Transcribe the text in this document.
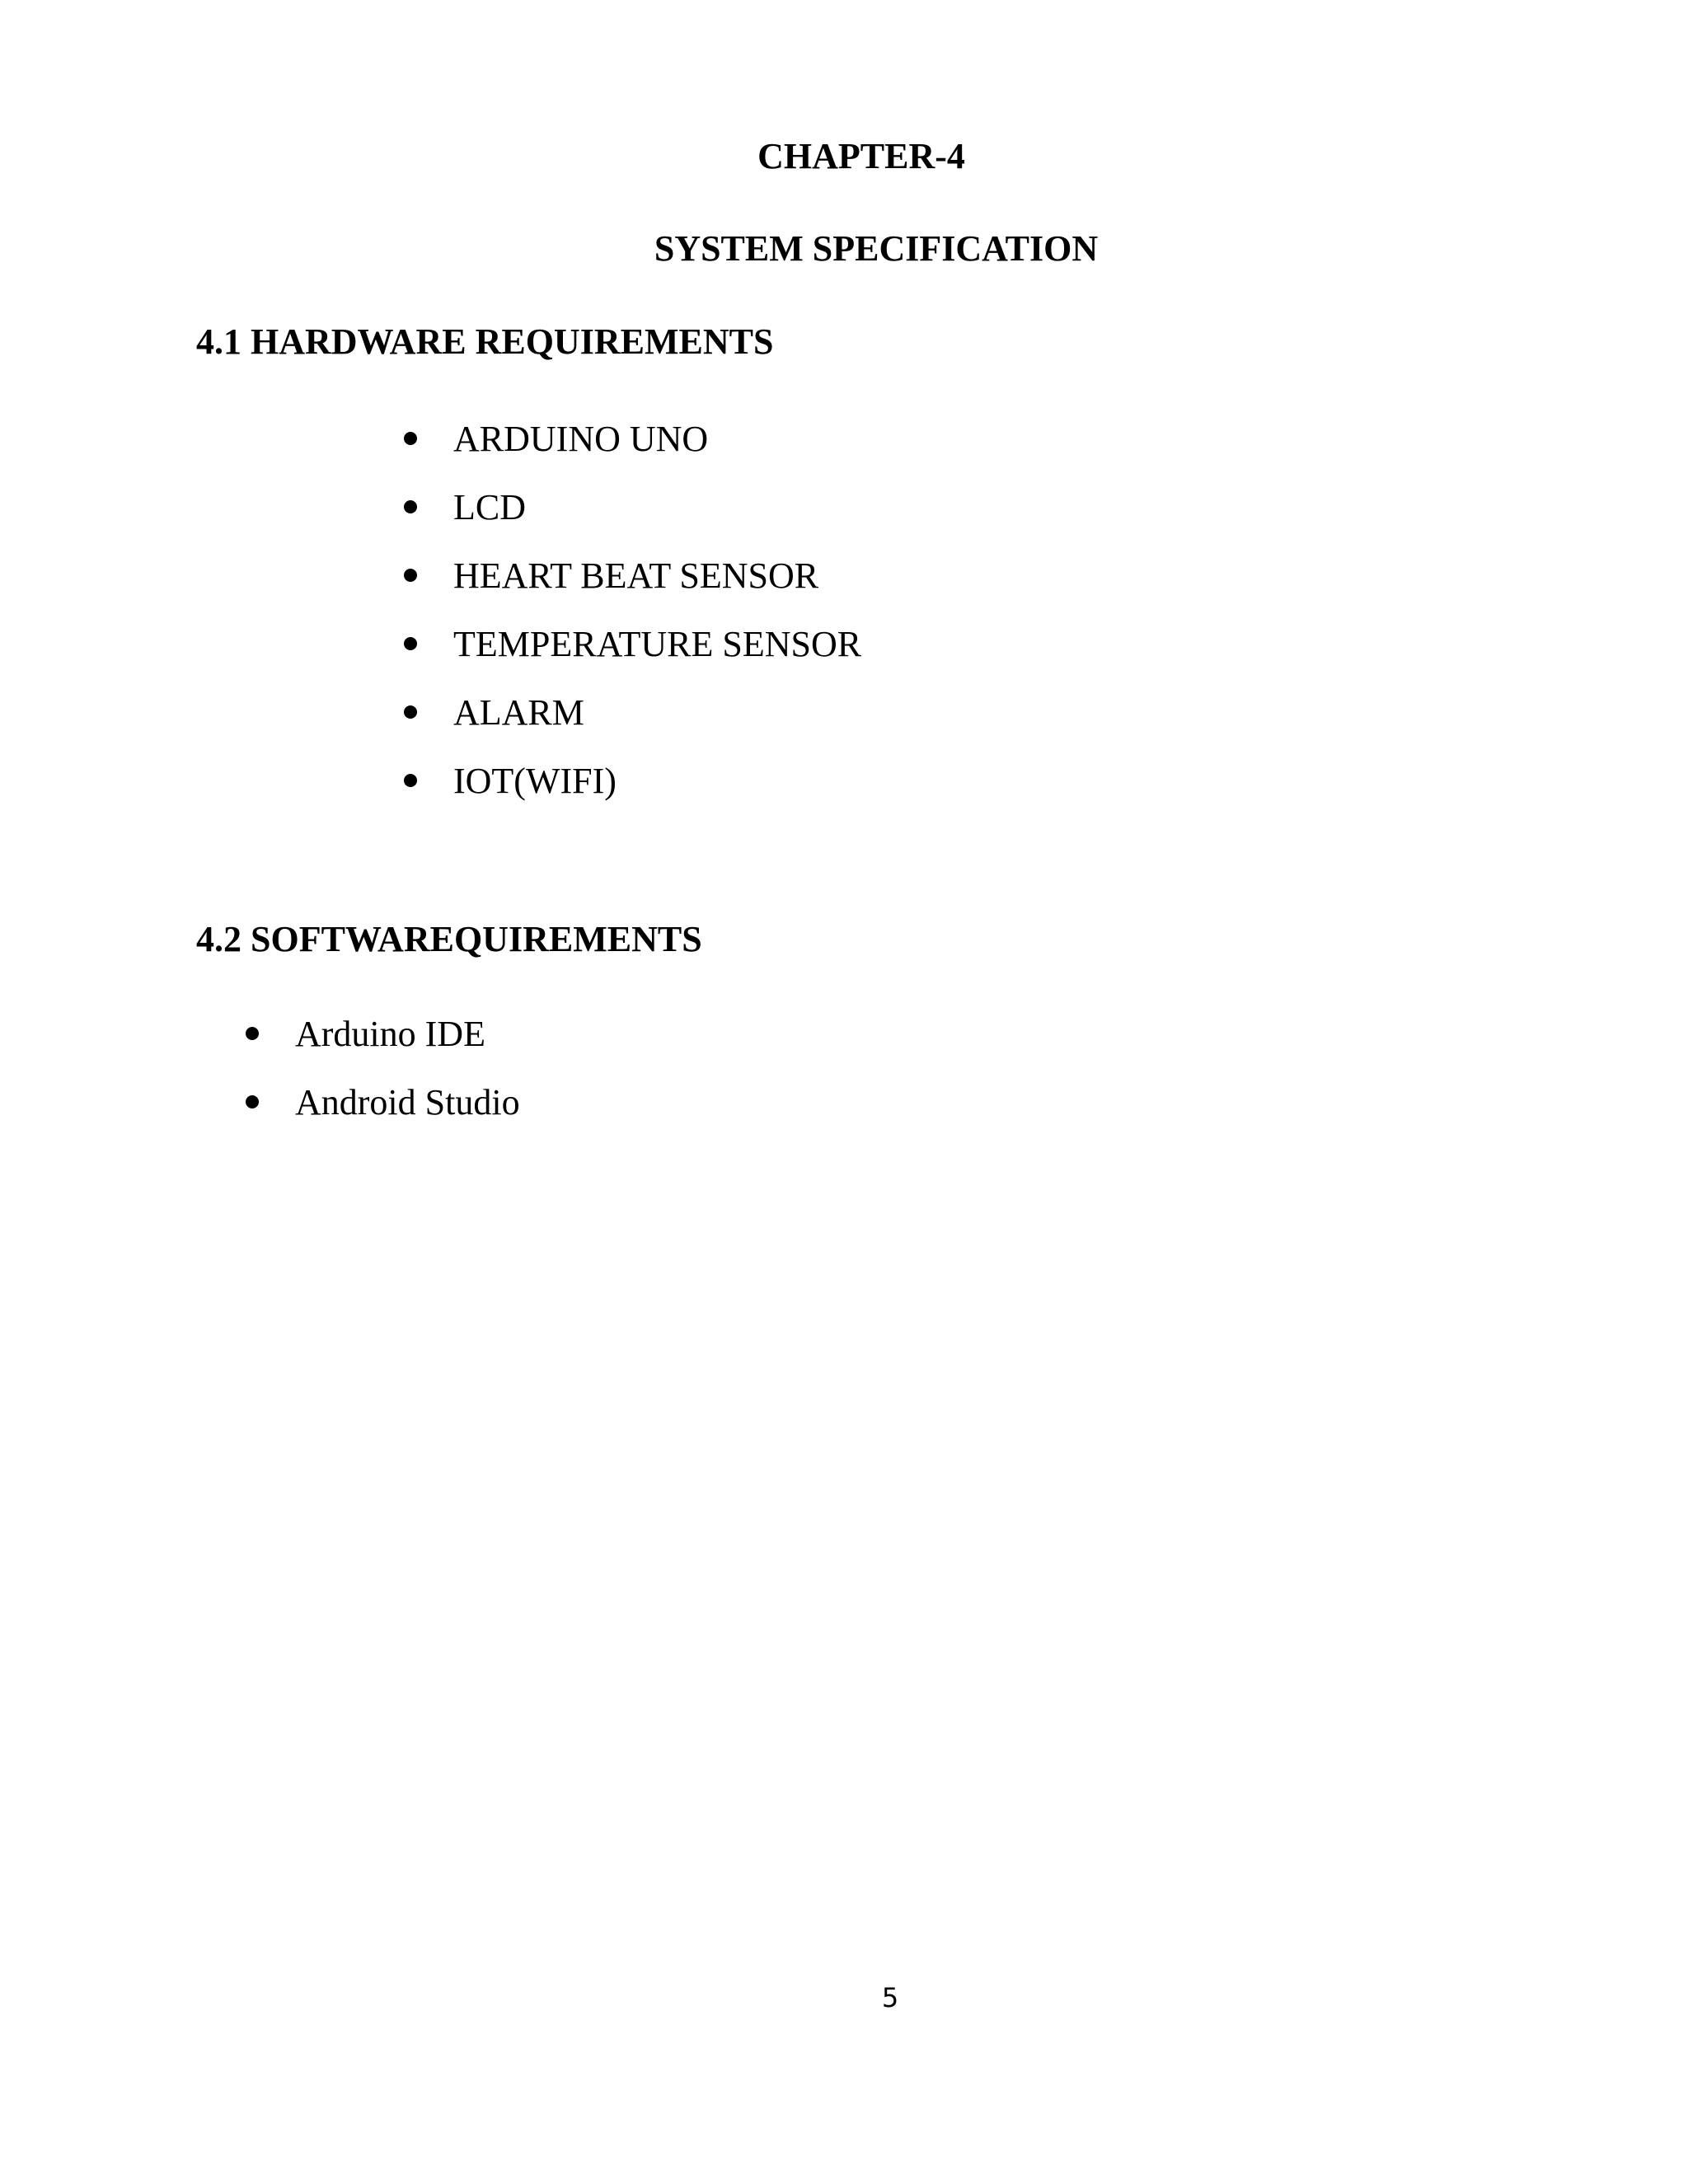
CHAPTER-4
SYSTEM SPECIFICATION
4.1 HARDWARE REQUIREMENTS
ARDUINO UNO
LCD
HEART BEAT SENSOR
TEMPERATURE SENSOR
ALARM
IOT(WIFI)
4.2 SOFTWAREQUIREMENTS
Arduino IDE
Android Studio

5
